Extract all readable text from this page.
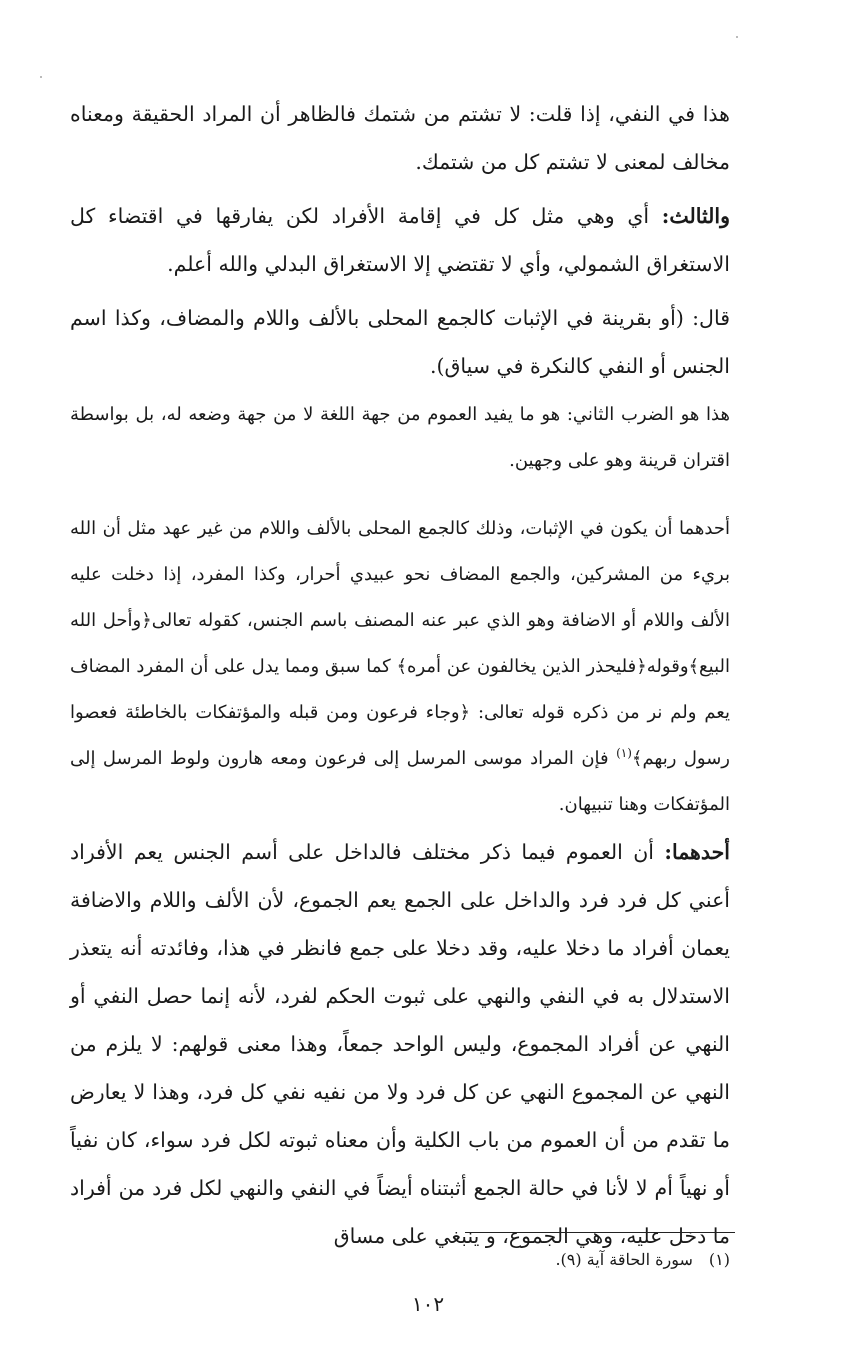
هذا في النفي، إذا قلت: لا تشتم من شتمك فالظاهر أن المراد الحقيقة ومعناه مخالف لمعنى لا تشتم كل من شتمك.

والثالث: أي وهي مثل كل في إقامة الأفراد لكن يفارقها في اقتضاء كل الاستغراق الشمولي، وأي لا تقتضي إلا الاستغراق البدلي والله أعلم.

قال: (أو بقرينة في الإثبات كالجمع المحلى بالألف واللام والمضاف، وكذا اسم الجنس أو النفي كالنكرة في سياق).

هذا هو الضرب الثاني: هو ما يفيد العموم من جهة اللغة لا من جهة وضعه له، بل بواسطة اقتران قرينة وهو على وجهين.

أحدهما أن يكون في الإثبات، وذلك كالجمع المحلى بالألف واللام من غير عهد مثل أن الله بريء من المشركين، والجمع المضاف نحو عبيدي أحرار، وكذا المفرد، إذا دخلت عليه الألف واللام أو الاضافة وهو الذي عبر عنه المصنف باسم الجنس، كقوله تعالى﴿وأحل الله البيع﴾وقوله﴿فليحذر الذين يخالفون عن أمره﴾ كما سبق ومما يدل على أن المفرد المضاف يعم ولم نر من ذكره قوله تعالى: ﴿وجاء فرعون ومن قبله والمؤتفكات بالخاطئة فعصوا رسول ربهم﴾$^{(١)}$ فإن المراد موسى المرسل إلى فرعون ومعه هارون ولوط المرسل إلى المؤتفكات وهنا تنبيهان.

أحدهما: أن العموم فيما ذكر مختلف فالداخل على أسم الجنس يعم الأفراد أعني كل فرد فرد والداخل على الجمع يعم الجموع، لأن الألف واللام والاضافة يعمان أفراد ما دخلا عليه، وقد دخلا على جمع فانظر في هذا، وفائدته أنه يتعذر الاستدلال به في النفي والنهي على ثبوت الحكم لفرد، لأنه إنما حصل النفي أو النهي عن أفراد المجموع، وليس الواحد جمعاً، وهذا معنى قولهم: لا يلزم من النهي عن المجموع النهي عن كل فرد ولا من نفيه نفي كل فرد، وهذا لا يعارض ما تقدم من أن العموم من باب الكلية وأن معناه ثبوته لكل فرد سواء، كان نفياً أو نهياً أم لا لأنا في حالة الجمع أثبتناه أيضاً في النفي والنهي لكل فرد من أفراد ما دخل عليه، وهي الجموع، و ينبغي على مساق

(١)سورة الحاقة آية (٩).
١٠٢
